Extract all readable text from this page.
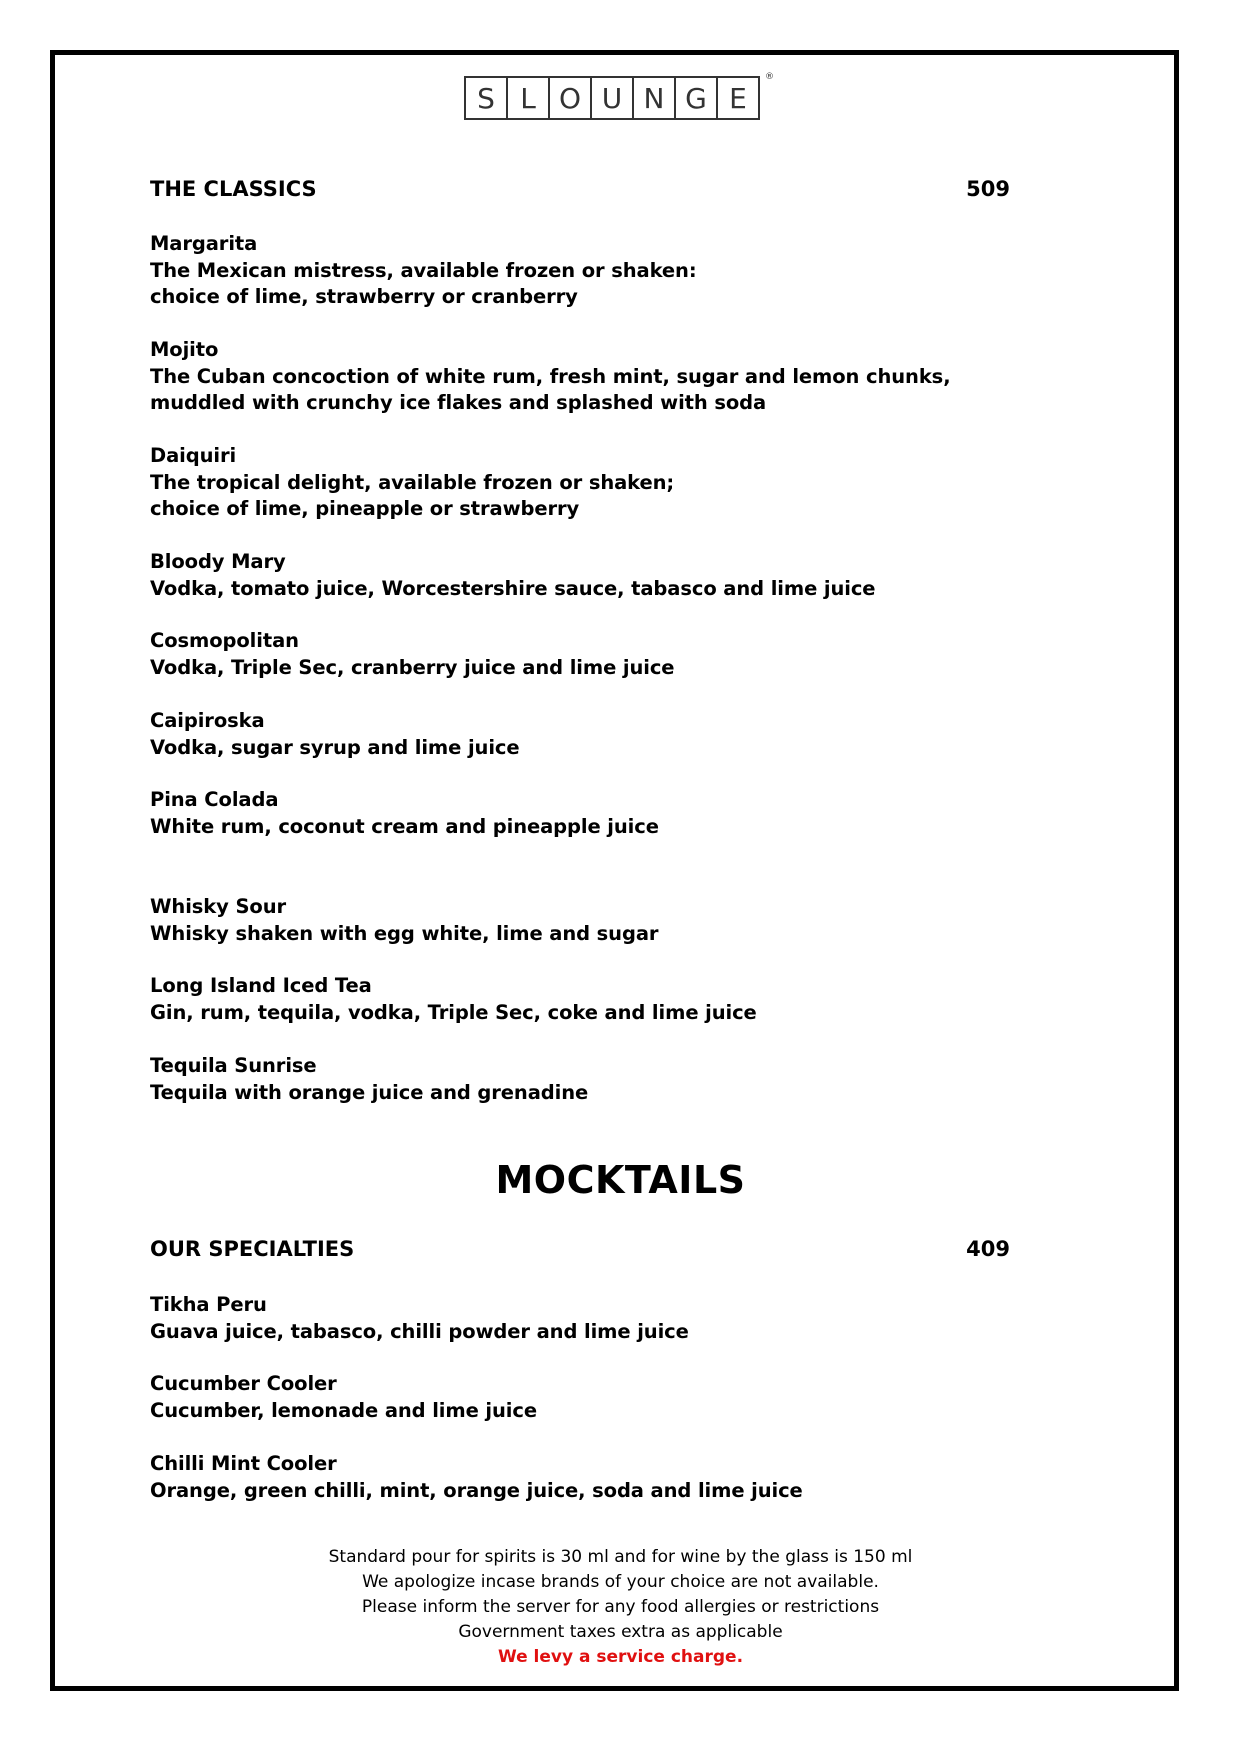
S L O U N G E
®
THE CLASSICS	509
Margarita
The Mexican mistress, available frozen or shaken:
choice of lime, strawberry or cranberry
Mojito
The Cuban concoction of white rum, fresh mint, sugar and lemon chunks,
muddled with crunchy ice flakes and splashed with soda
Daiquiri
The tropical delight, available frozen or shaken;
choice of lime, pineapple or strawberry
Bloody Mary
Vodka, tomato juice, Worcestershire sauce, tabasco and lime juice
Cosmopolitan
Vodka, Triple Sec, cranberry juice and lime juice
Caipiroska
Vodka, sugar syrup and lime juice
Pina Colada
White rum, coconut cream and pineapple juice
Whisky Sour
Whisky shaken with egg white, lime and sugar
Long Island Iced Tea
Gin, rum, tequila, vodka, Triple Sec, coke and lime juice
Tequila Sunrise
Tequila with orange juice and grenadine
MOCKTAILS
OUR SPECIALTIES	409
Tikha Peru
Guava juice, tabasco, chilli powder and lime juice
Cucumber Cooler
Cucumber, lemonade and lime juice
Chilli Mint Cooler
Orange, green chilli, mint, orange juice, soda and lime juice
Standard pour for spirits is 30 ml and for wine by the glass is 150 ml
We apologize incase brands of your choice are not available.
Please inform the server for any food allergies or restrictions
Government taxes extra as applicable
We levy a service charge.
